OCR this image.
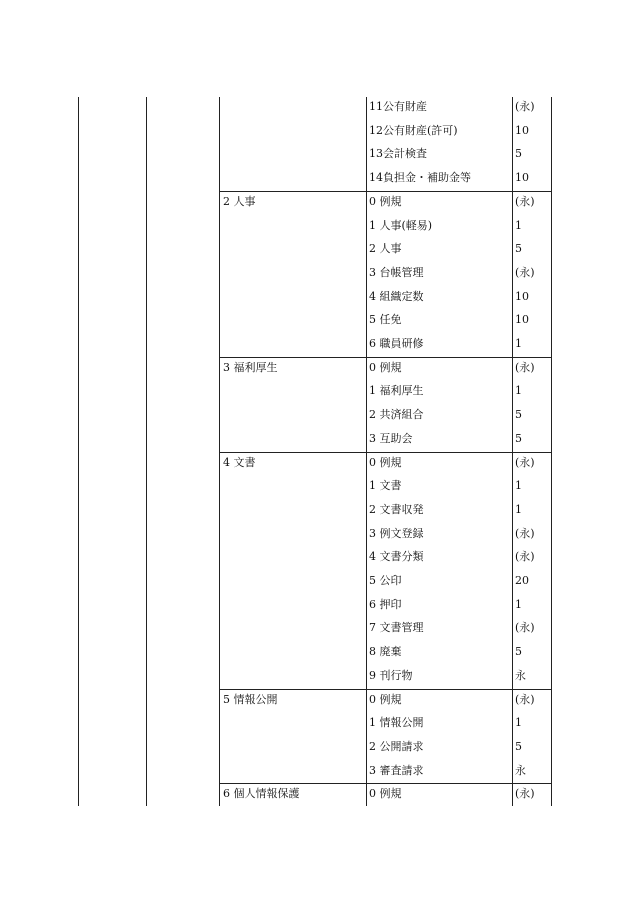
11公有財産	(永)
12公有財産(許可)	10
13会計検査	5
14負担金・補助金等	10
2 人事	0 例規	(永)
1 人事(軽易)	1
2 人事	5
3 台帳管理	(永)
4 組織定数	10
5 任免	10
6 職員研修	1
3 福利厚生	0 例規	(永)
1 福利厚生	1
2 共済組合	5
3 互助会	5
4 文書	0 例規	(永)
1 文書	1
2 文書収発	1
3 例文登録	(永)
4 文書分類	(永)
5 公印	20
6 押印	1
7 文書管理	(永)
8 廃棄	5
9 刊行物	永
5 情報公開	0 例規	(永)
1 情報公開	1
2 公開請求	5
3 審査請求	永
6 個人情報保護	0 例規	(永)
